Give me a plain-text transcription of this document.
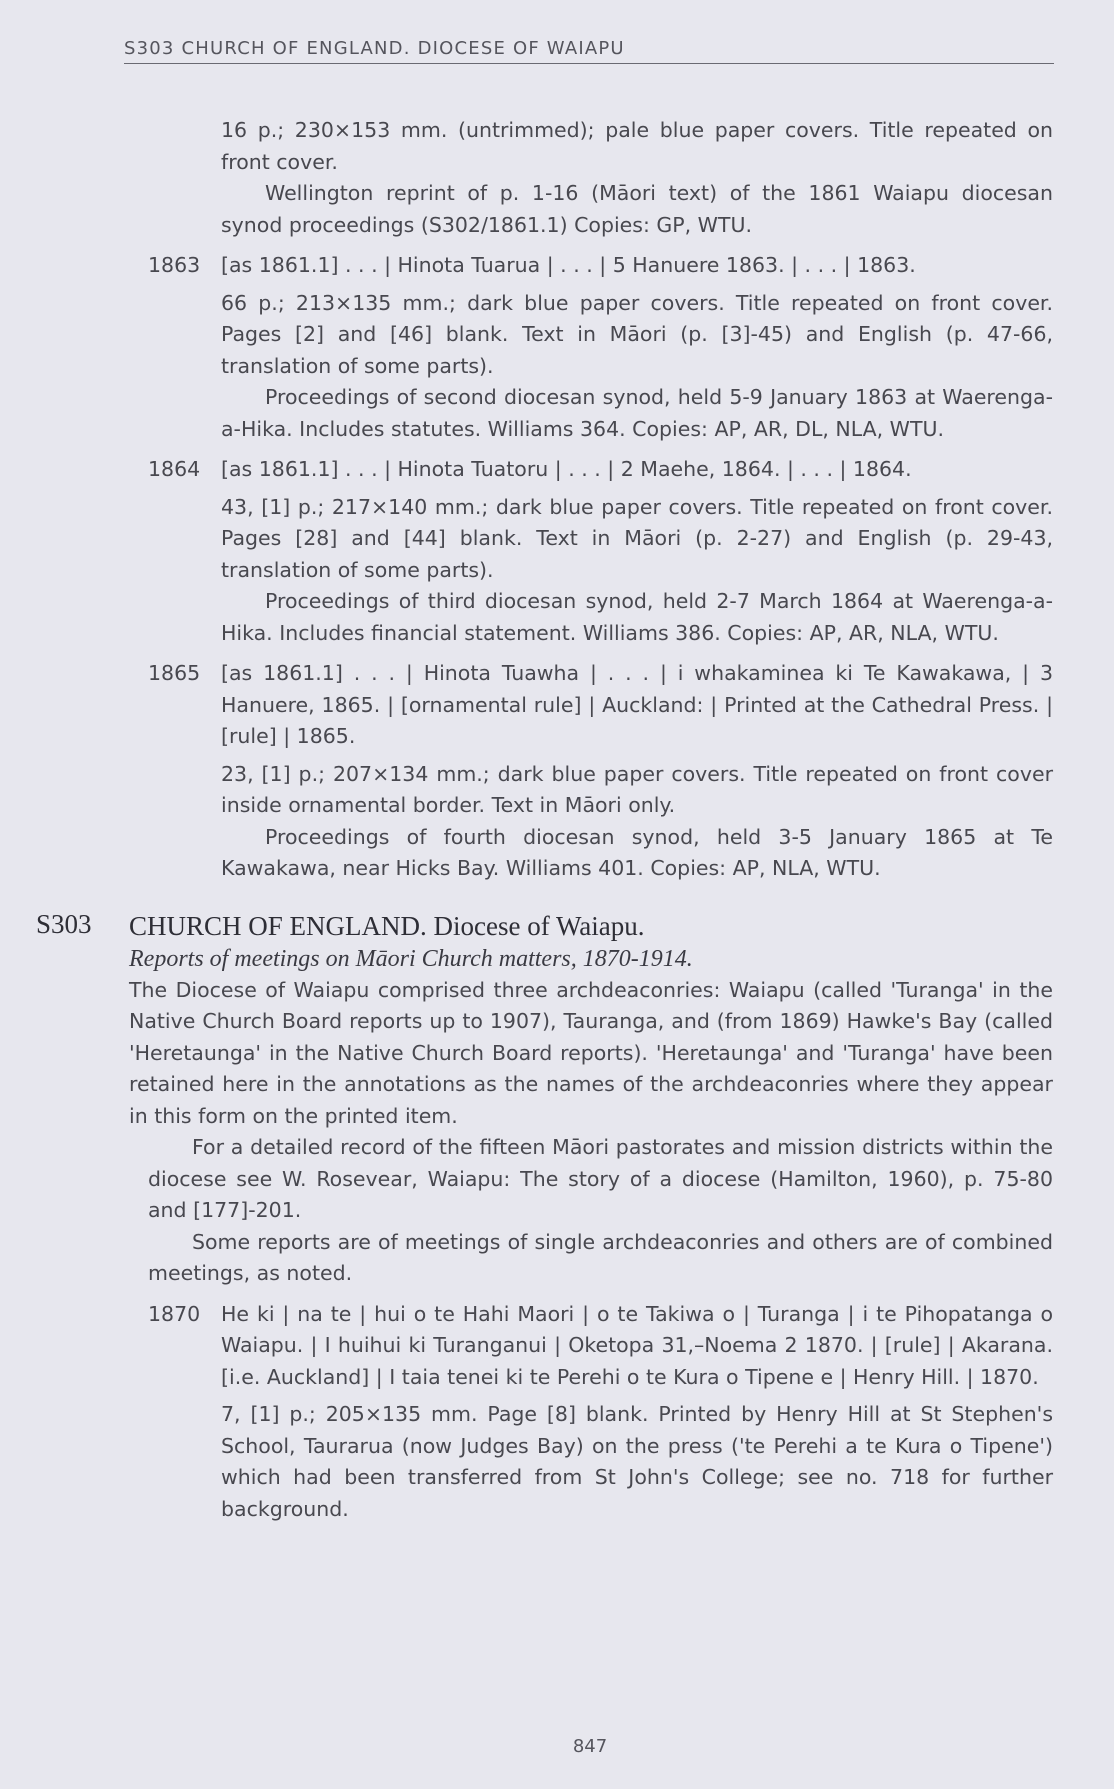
S303 CHURCH OF ENGLAND. DIOCESE OF WAIAPU

16 p.; 230×153 mm. (untrimmed); pale blue paper covers. Title repeated on front cover.

Wellington reprint of p. 1-16 (Māori text) of the 1861 Waiapu diocesan synod proceedings (S302/1861.1) Copies: GP, WTU.

1863 [as 1861.1] . . . | Hinota Tuarua | . . . | 5 Hanuere 1863. | . . . | 1863.

66 p.; 213×135 mm.; dark blue paper covers. Title repeated on front cover. Pages [2] and [46] blank. Text in Māori (p. [3]-45) and English (p. 47-66, translation of some parts).

Proceedings of second diocesan synod, held 5-9 January 1863 at Waerenga-a-Hika. Includes statutes. Williams 364. Copies: AP, AR, DL, NLA, WTU.

1864 [as 1861.1] . . . | Hinota Tuatoru | . . . | 2 Maehe, 1864. | . . . | 1864.

43, [1] p.; 217×140 mm.; dark blue paper covers. Title repeated on front cover. Pages [28] and [44] blank. Text in Māori (p. 2-27) and English (p. 29-43, translation of some parts).

Proceedings of third diocesan synod, held 2-7 March 1864 at Waerenga-a-Hika. Includes financial statement. Williams 386. Copies: AP, AR, NLA, WTU.

1865 [as 1861.1] . . . | Hinota Tuawha | . . . | i whakaminea ki Te Kawakawa, | 3 Hanuere, 1865. | [ornamental rule] | Auckland: | Printed at the Cathedral Press. | [rule] | 1865.

23, [1] p.; 207×134 mm.; dark blue paper covers. Title repeated on front cover inside ornamental border. Text in Māori only.

Proceedings of fourth diocesan synod, held 3-5 January 1865 at Te Kawakawa, near Hicks Bay. Williams 401. Copies: AP, NLA, WTU.

S303 CHURCH OF ENGLAND. Diocese of Waiapu.

Reports of meetings on Māori Church matters, 1870-1914.

The Diocese of Waiapu comprised three archdeaconries: Waiapu (called 'Turanga' in the Native Church Board reports up to 1907), Tauranga, and (from 1869) Hawke's Bay (called 'Heretaunga' in the Native Church Board reports). 'Heretaunga' and 'Turanga' have been retained here in the annotations as the names of the archdeaconries where they appear in this form on the printed item.

For a detailed record of the fifteen Māori pastorates and mission districts within the diocese see W. Rosevear, Waiapu: The story of a diocese (Hamilton, 1960), p. 75-80 and [177]-201.

Some reports are of meetings of single archdeaconries and others are of combined meetings, as noted.

1870 He ki | na te | hui o te Hahi Maori | o te Takiwa o | Turanga | i te Pihopatanga o Waiapu. | I huihui ki Turanganui | Oketopa 31,–Noema 2 1870. | [rule] | Akarana. [i.e. Auckland] | I taia tenei ki te Perehi o te Kura o Tipene e | Henry Hill. | 1870.

7, [1] p.; 205×135 mm. Page [8] blank. Printed by Henry Hill at St Stephen's School, Taurarua (now Judges Bay) on the press ('te Perehi a te Kura o Tipene') which had been transferred from St John's College; see no. 718 for further background.

847
